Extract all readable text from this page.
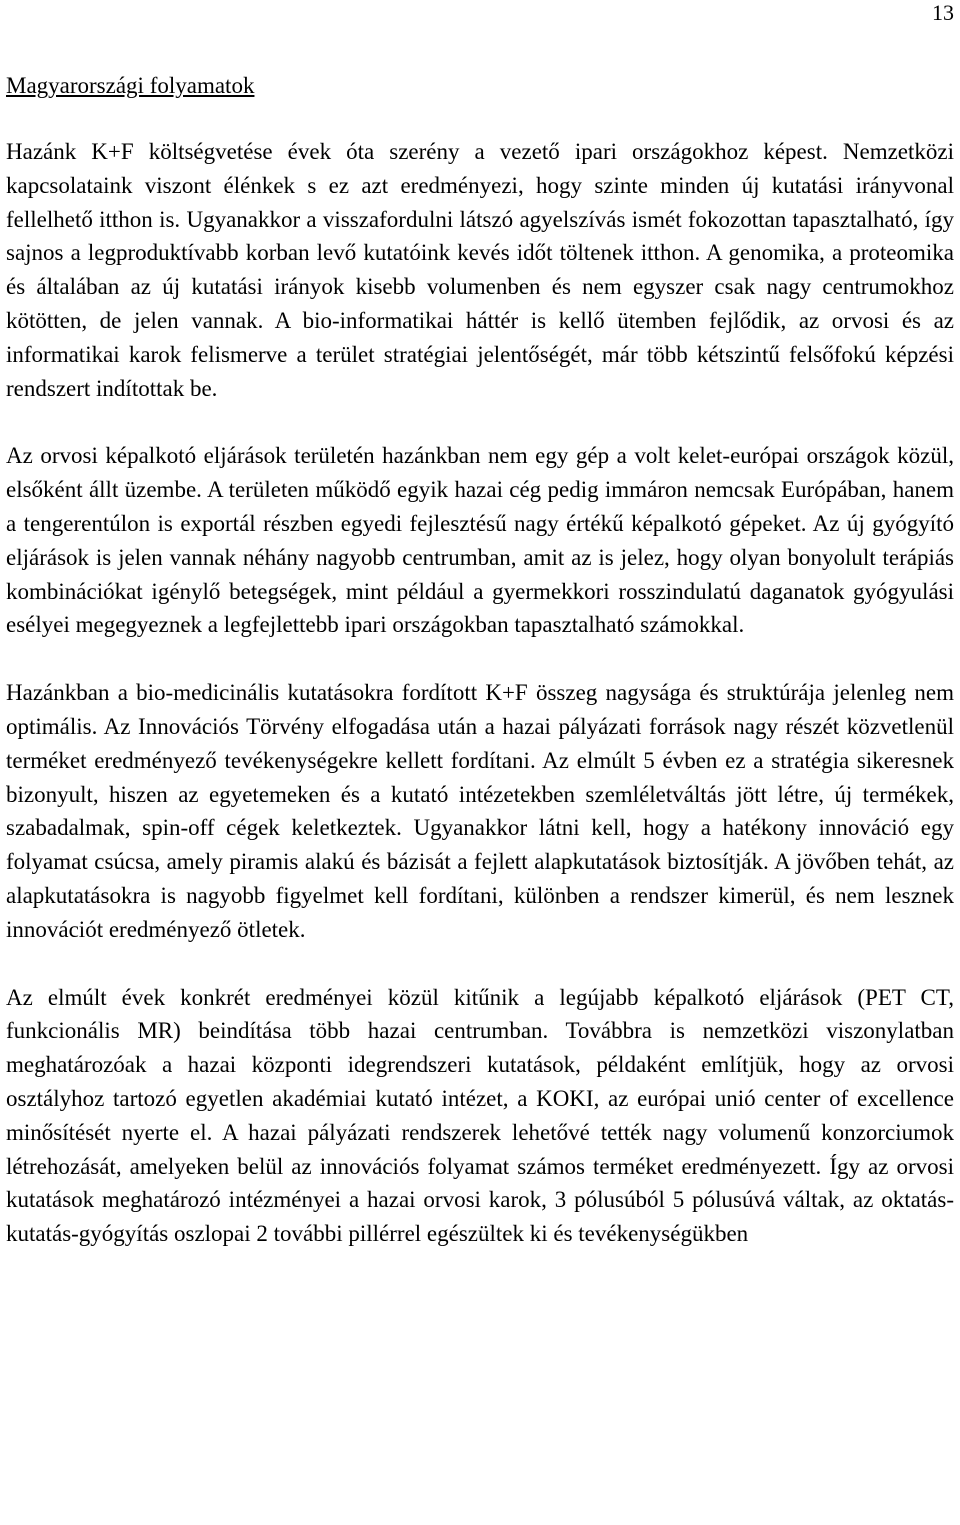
13
Magyarországi folyamatok

Hazánk K+F költségvetése évek óta szerény a vezető ipari országokhoz képest. Nemzetközi kapcsolataink viszont élénkek s ez azt eredményezi, hogy szinte minden új kutatási irányvonal fellelhető itthon is. Ugyanakkor a visszafordulni látszó agyelszívás ismét fokozottan tapasztalható, így sajnos a legproduktívabb korban levő kutatóink kevés időt töltenek itthon. A genomika, a proteomika és általában az új kutatási irányok kisebb volumenben és nem egyszer csak nagy centrumokhoz kötötten, de jelen vannak. A bio-informatikai háttér is kellő ütemben fejlődik, az orvosi és az informatikai karok felismerve a terület stratégiai jelentőségét, már több kétszintű felsőfokú képzési rendszert indítottak be.

Az orvosi képalkotó eljárások területén hazánkban nem egy gép a volt kelet-európai országok közül, elsőként állt üzembe. A területen működő egyik hazai cég pedig immáron nemcsak Európában, hanem a tengerentúlon is exportál részben egyedi fejlesztésű nagy értékű képalkotó gépeket. Az új gyógyító eljárások is jelen vannak néhány nagyobb centrumban, amit az is jelez, hogy olyan bonyolult terápiás kombinációkat igénylő betegségek, mint például a gyermekkori rosszindulatú daganatok gyógyulási esélyei megegyeznek a legfejlettebb ipari országokban tapasztalható számokkal.

Hazánkban a bio-medicinális kutatásokra fordított K+F összeg nagysága és struktúrája jelenleg nem optimális. Az Innovációs Törvény elfogadása után a hazai pályázati források nagy részét közvetlenül terméket eredményező tevékenységekre kellett fordítani. Az elmúlt 5 évben ez a stratégia sikeresnek bizonyult, hiszen az egyetemeken és a kutató intézetekben szemléletváltás jött létre, új termékek, szabadalmak, spin-off cégek keletkeztek. Ugyanakkor látni kell, hogy a hatékony innováció egy folyamat csúcsa, amely piramis alakú és bázisát a fejlett alapkutatások biztosítják. A jövőben tehát, az alapkutatásokra is nagyobb figyelmet kell fordítani, különben a rendszer kimerül, és nem lesznek innovációt eredményező ötletek.

Az elmúlt évek konkrét eredményei közül kitűnik a legújabb képalkotó eljárások (PET CT, funkcionális MR) beindítása több hazai centrumban. Továbbra is nemzetközi viszonylatban meghatározóak a hazai központi idegrendszeri kutatások, példaként említjük, hogy az orvosi osztályhoz tartozó egyetlen akadémiai kutató intézet, a KOKI, az európai unió center of excellence minősítését nyerte el. A hazai pályázati rendszerek lehetővé tették nagy volumenű konzorciumok létrehozását, amelyeken belül az innovációs folyamat számos terméket eredményezett. Így az orvosi kutatások meghatározó intézményei a hazai orvosi karok, 3 pólusúból 5 pólusúvá váltak, az oktatás-kutatás-gyógyítás oszlopai 2 további pillérrel egészültek ki és tevékenységükben
